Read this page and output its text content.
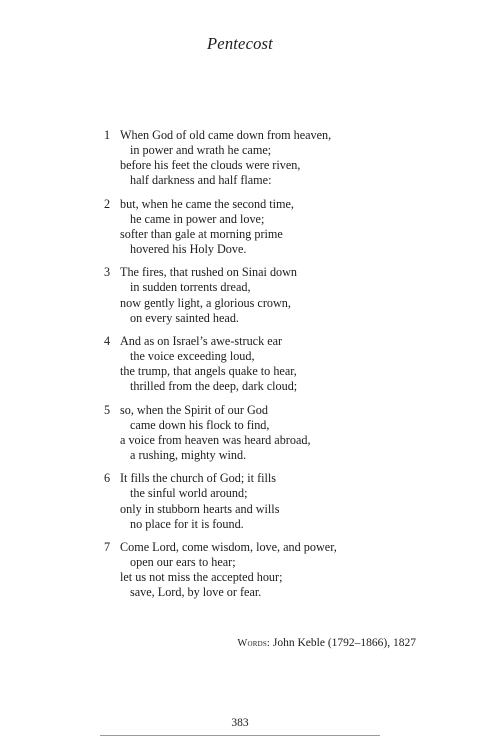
Pentecost
1 When God of old came down from heaven,
in power and wrath he came;
before his feet the clouds were riven,
half darkness and half flame:
2 but, when he came the second time,
he came in power and love;
softer than gale at morning prime
hovered his Holy Dove.
3 The fires, that rushed on Sinai down
in sudden torrents dread,
now gently light, a glorious crown,
on every sainted head.
4 And as on Israel’s awe-struck ear
the voice exceeding loud,
the trump, that angels quake to hear,
thrilled from the deep, dark cloud;
5 so, when the Spirit of our God
came down his flock to find,
a voice from heaven was heard abroad,
a rushing, mighty wind.
6 It fills the church of God; it fills
the sinful world around;
only in stubborn hearts and wills
no place for it is found.
7 Come Lord, come wisdom, love, and power,
open our ears to hear;
let us not miss the accepted hour;
save, Lord, by love or fear.
Words: John Keble (1792–1866), 1827
383
